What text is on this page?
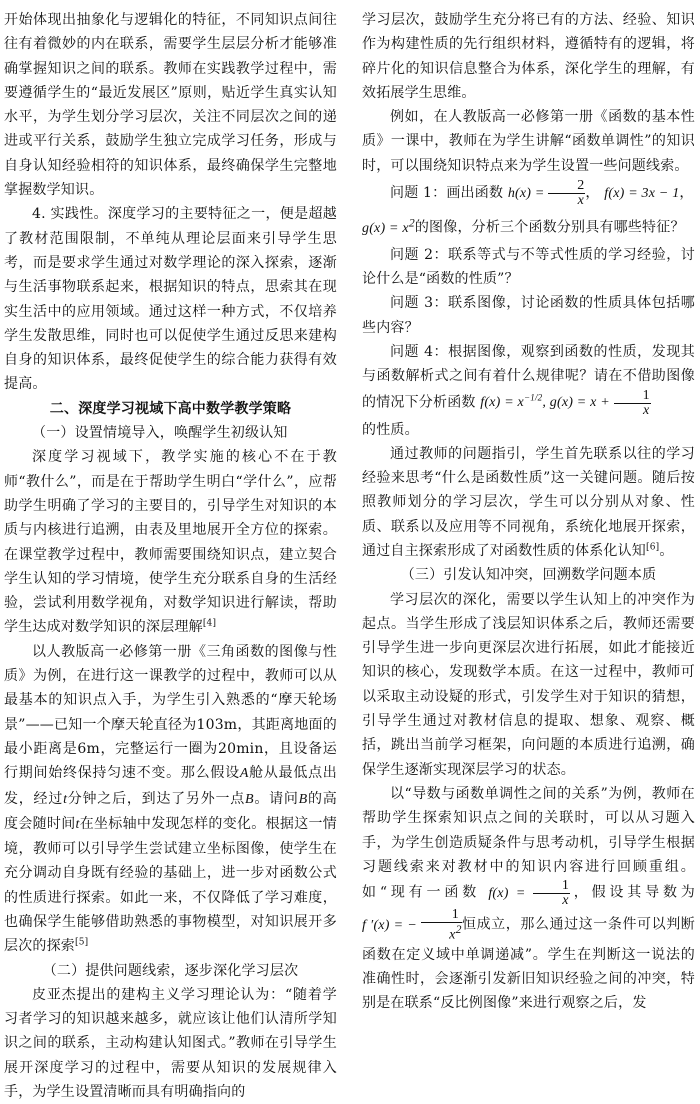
开始体现出抽象化与逻辑化的特征，不同知识点间往往有着微妙的内在联系，需要学生层层分析才能够准确掌握知识之间的联系。教师在实践教学过程中，需要遵循学生的“最近发展区”原则，贴近学生真实认知水平，为学生划分学习层次，关注不同层次之间的递进或平行关系，鼓励学生独立完成学习任务，形成与自身认知经验相符的知识体系，最终确保学生完整地掌握数学知识。

4. 实践性。深度学习的主要特征之一，便是超越了教材范围限制，不单纯从理论层面来引导学生思考，而是要求学生通过对数学理论的深入探索，逐渐与生活事物联系起来，根据知识的特点，思索其在现实生活中的应用领域。通过这样一种方式，不仅培养学生发散思维，同时也可以促使学生通过反思来建构自身的知识体系，最终促使学生的综合能力获得有效提高。

二、深度学习视域下高中数学教学策略

（一）设置情境导入，唤醒学生初级认知

深度学习视域下，教学实施的核心不在于教师“教什么”，而是在于帮助学生明白“学什么”，应帮助学生明确了学习的主要目的，引导学生对知识的本质与内核进行追溯，由表及里地展开全方位的探索。在课堂教学过程中，教师需要围绕知识点，建立契合学生认知的学习情境，使学生充分联系自身的生活经验，尝试利用数学视角，对数学知识进行解读，帮助学生达成对数学知识的深层理解[4]

以人教版高一必修第一册《三角函数的图像与性质》为例，在进行这一课教学的过程中，教师可以从最基本的知识点入手，为学生引入熟悉的“摩天轮场景”——已知一个摩天轮直径为103m，其距离地面的最小距离是6m，完整运行一圈为20min，且设备运行期间始终保持匀速不变。那么假设A舱从最低点出发，经过t分钟之后，到达了另外一点B。请问B的高度会随时间t在坐标轴中发现怎样的变化。根据这一情境，教师可以引导学生尝试建立坐标图像，使学生在充分调动自身既有经验的基础上，进一步对函数公式的性质进行探索。如此一来，不仅降低了学习难度，也确保学生能够借助熟悉的事物模型，对知识展开多层次的探索[5]

（二）提供问题线索，逐步深化学习层次

皮亚杰提出的建构主义学习理论认为：“随着学习者学习的知识越来越多，就应该让他们认清所学知识之间的联系，主动构建认知图式。”教师在引导学生展开深度学习的过程中，需要从知识的发展规律入手，为学生设置清晰而具有明确指向的

学习层次，鼓励学生充分将已有的方法、经验、知识作为构建性质的先行组织材料，遵循特有的逻辑，将碎片化的知识信息整合为体系，深化学生的理解，有效拓展学生思维。

例如，在人教版高一必修第一册《函数的基本性质》一课中，教师在为学生讲解“函数单调性”的知识时，可以围绕知识特点来为学生设置一些问题线索。

问题 1：画出函数 $h(x) = \frac{2}{x}$ ， f(x) = 3x − 1，

$g(x) = x^2$的图像，分析三个函数分别具有哪些特征？

问题 2：联系等式与不等式性质的学习经验，讨论什么是“函数的性质”？

问题 3：联系图像，讨论函数的性质具体包括哪些内容？

问题 4：根据图像，观察到函数的性质，发现其与函数解析式之间有着什么规律呢？请在不借助图像的情况下分析函数 $f(x) = x^{-1/2}$, $g(x) = x + \frac{1}{x}$

的性质。

通过教师的问题指引，学生首先联系以往的学习经验来思考“什么是函数性质”这一关键问题。随后按照教师划分的学习层次，学生可以分别从对象、性质、联系以及应用等不同视角，系统化地展开探索，通过自主探索形成了对函数性质的体系化认知[6]。

（三）引发认知冲突，回溯数学问题本质

学习层次的深化，需要以学生认知上的冲突作为起点。当学生形成了浅层知识体系之后，教师还需要引导学生进一步向更深层次进行拓展，如此才能接近知识的核心，发现数学本质。在这一过程中，教师可以采取主动设疑的形式，引发学生对于知识的猜想，引导学生通过对教材信息的提取、想象、观察、概括，跳出当前学习框架，向问题的本质进行追溯，确保学生逐渐实现深层学习的状态。

以“导数与函数单调性之间的关系”为例，教师在帮助学生探索知识点之间的关联时，可以从习题入手，为学生创造质疑条件与思考动机，引导学生根据习题线索来对教材中的知识内容进行回顾重组。如“现有一函数 $f(x) = \frac{1}{x}$ ，假设其导数为 f ′(x) = − $\frac{1}{x^2}$ 恒成立，那么通过这一条件可以判断函数在定义域中单调递减”。学生在判断这一说法的准确性时，会逐渐引发新旧知识经验之间的冲突，特别是在联系“反比例图像”来进行观察之后，发
